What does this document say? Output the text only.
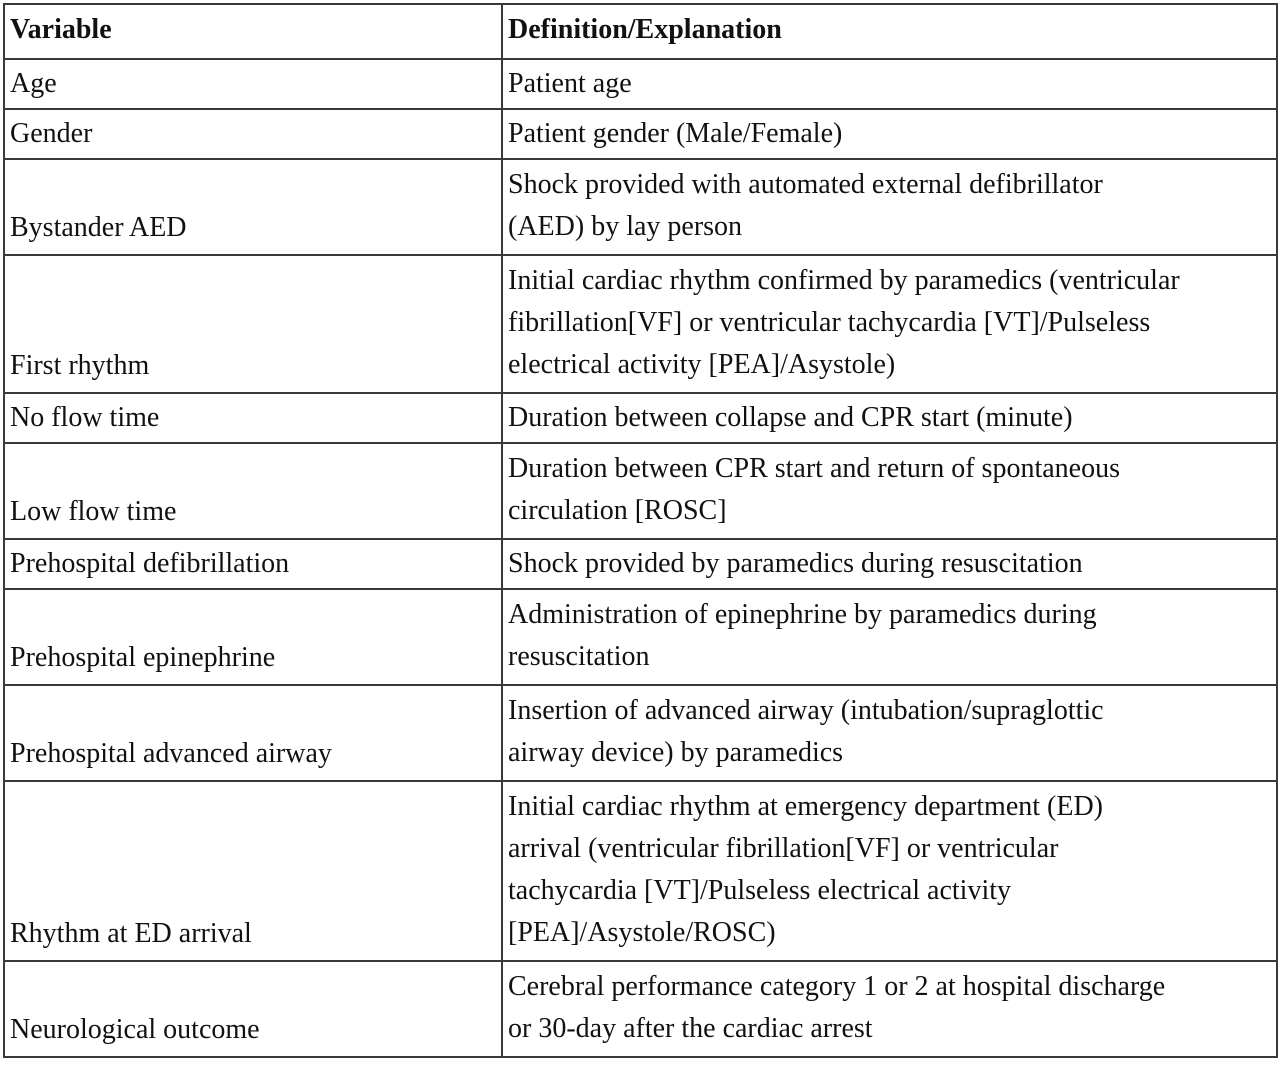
Variable	Definition/Explanation
Age	Patient age

Gender	Patient gender (Male/Female)

Bystander AED	Shock provided with automated external defibrillator
(AED) by lay person

First rhythm	Initial cardiac rhythm confirmed by paramedics (ventricular
fibrillation[VF] or ventricular tachycardia [VT]/Pulseless
electrical activity [PEA]/Asystole)

No flow time	Duration between collapse and CPR start (minute)

Low flow time	Duration between CPR start and return of spontaneous
circulation [ROSC]

Prehospital defibrillation	Shock provided by paramedics during resuscitation

Prehospital epinephrine	Administration of epinephrine by paramedics during
resuscitation

Prehospital advanced airway	Insertion of advanced airway (intubation/supraglottic
airway device) by paramedics

Rhythm at ED arrival	Initial cardiac rhythm at emergency department (ED)
arrival (ventricular fibrillation[VF] or ventricular
tachycardia [VT]/Pulseless electrical activity
[PEA]/Asystole/ROSC)

Neurological outcome	Cerebral performance category 1 or 2 at hospital discharge
or 30-day after the cardiac arrest
